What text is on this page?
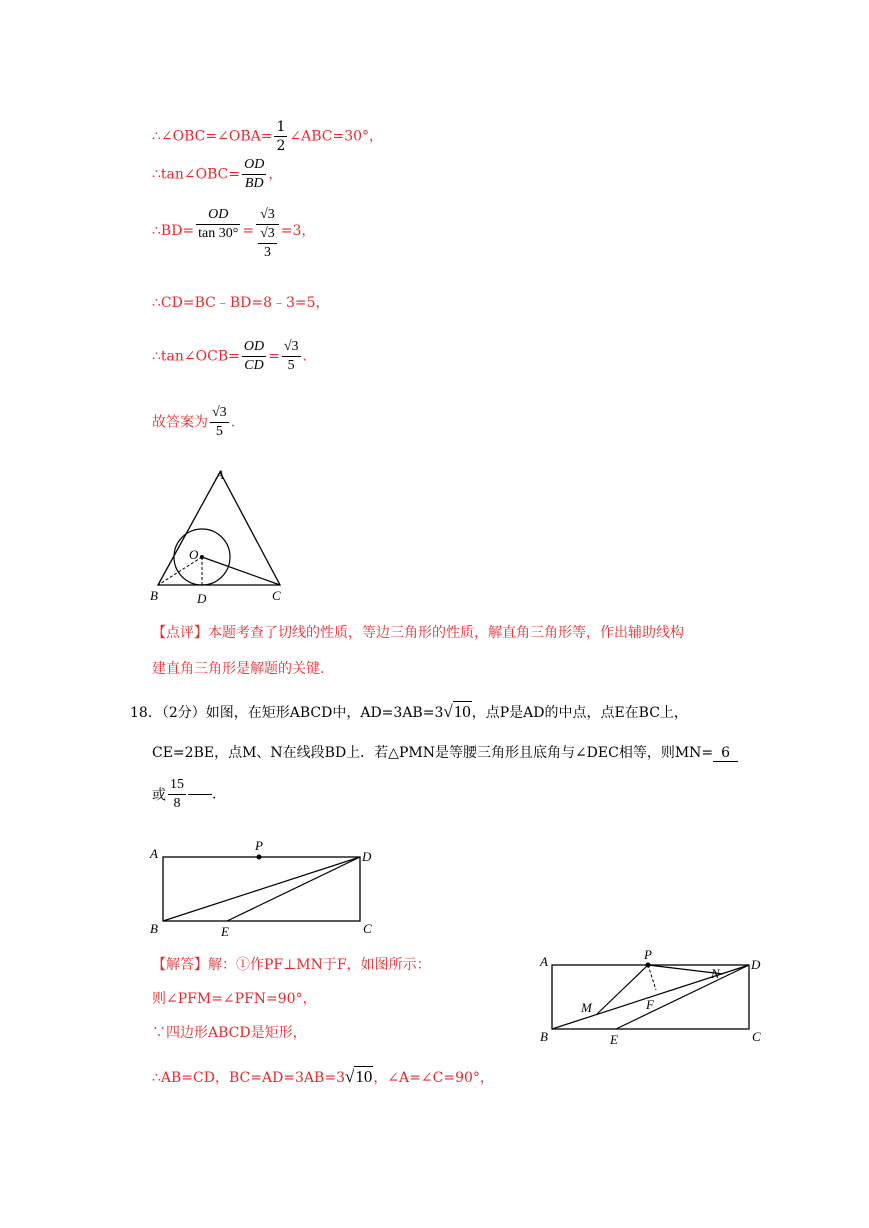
∴∠OBC=∠OBA= $\frac{1}{2}$ ∠ABC=30°，
∴tan∠OBC= $\frac{OD}{BD}$ ，
∴BD= $\frac{OD}{\tan 30^\circ} = \frac{√3}{\frac{√3}{3}} =3$，
∴CD=BC﹣BD=8﹣3=5，
∴tan∠OCB= $\frac{OD}{CD} = \frac{√3}{5}$ .
故答案为 $\frac{√3}{5}$ .
A
B	C
D
O
【点评】本题考查了切线的性质，等边三角形的性质，解直角三角形等，作出辅助线构
建直角三角形是解题的关键.
18．（2分）如图，在矩形ABCD中，AD=3AB=3√10，点P是AD的中点，点E在BC上，
CE=2BE，点M、N在线段BD上．若△PMN是等腰三角形且底角与∠DEC相等，则MN= 6
或 $\frac{15}{8}$ .
A
B	C
D
E
P
【解答】解：①作PF⊥MN于F，如图所示：
则∠PFM=∠PFN=90°，
∵四边形ABCD是矩形，
∴AB=CD，BC=AD=3AB=3√10，∠A=∠C=90°，
A
B	C
D
E
P
M
N
F
